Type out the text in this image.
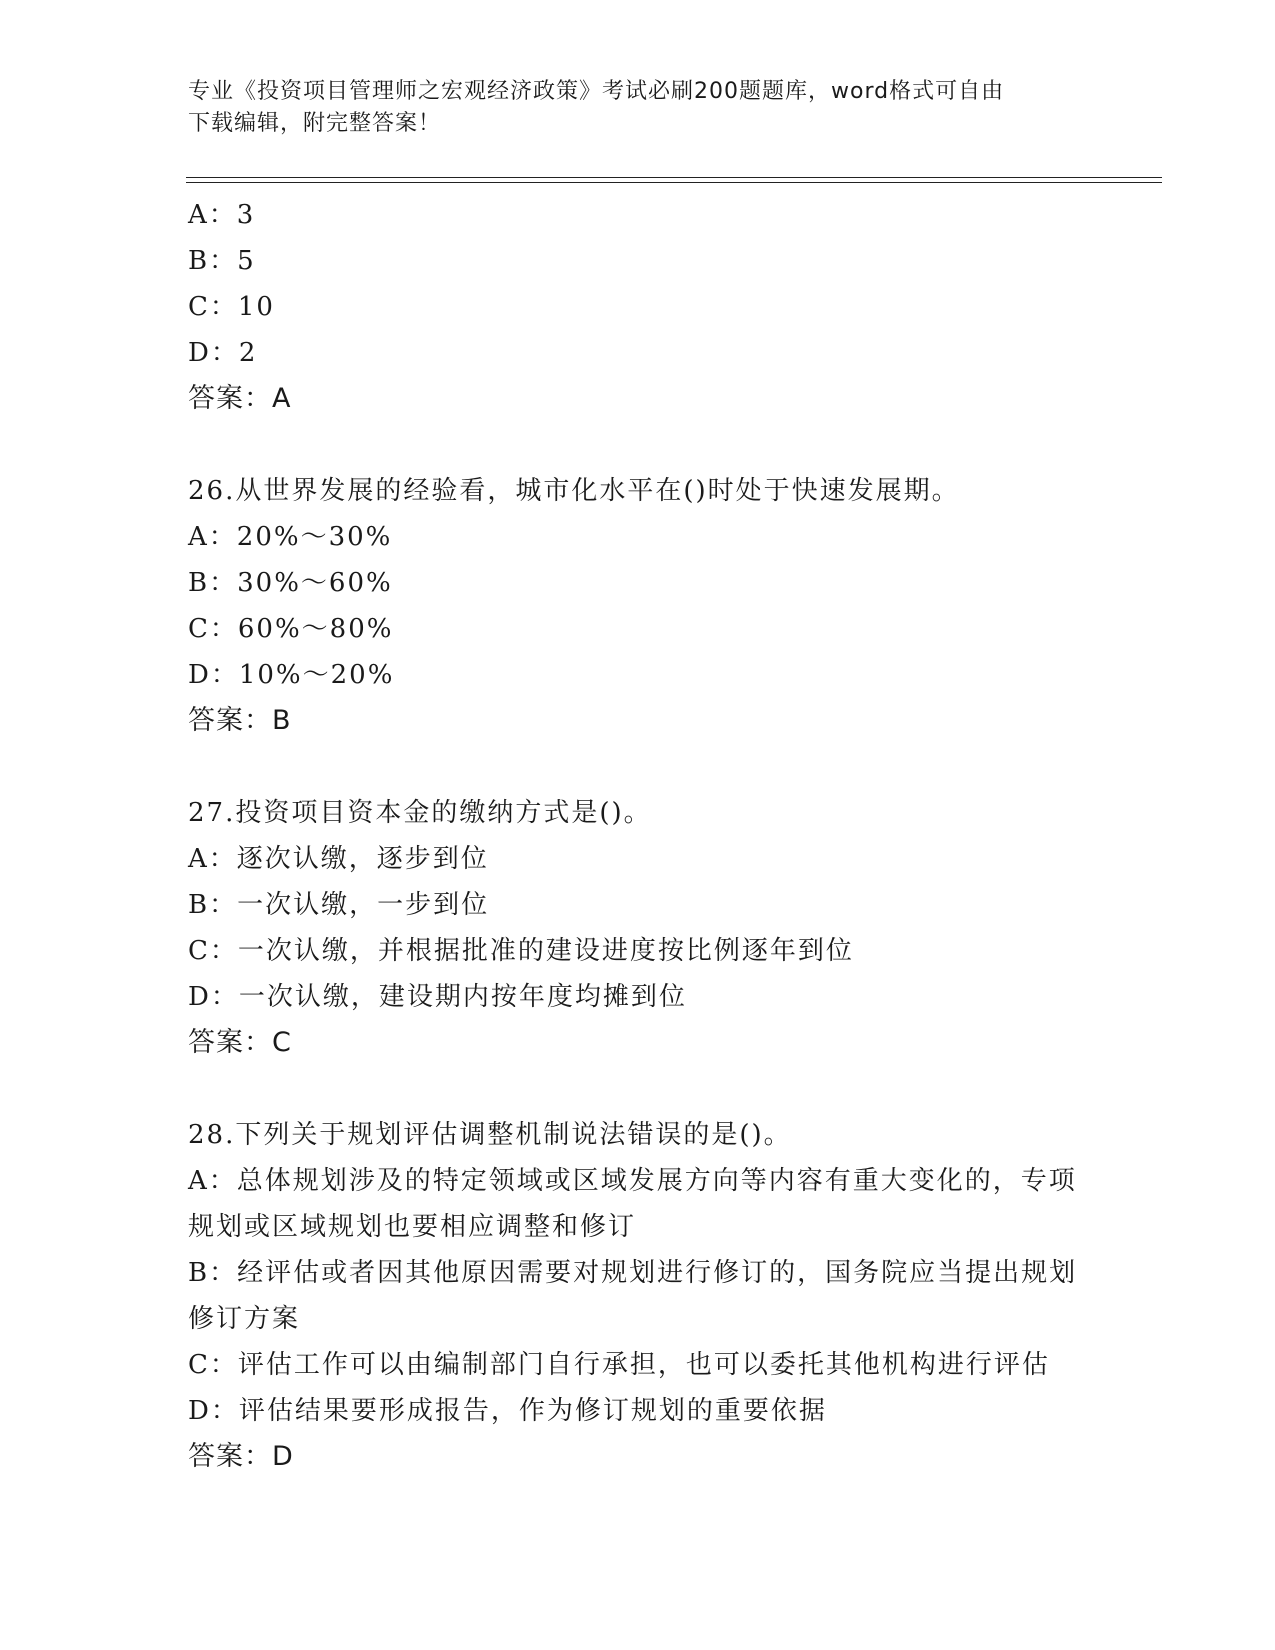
专业《投资项目管理师之宏观经济政策》考试必刷200题题库，word格式可自由
下载编辑，附完整答案！

A：3

B：5

C：10

D：2

答案：A

26.从世界发展的经验看，城市化水平在()时处于快速发展期。

A：20%～30%

B：30%～60%

C：60%～80%

D：10%～20%

答案：B

27.投资项目资本金的缴纳方式是()。

A：逐次认缴，逐步到位

B：一次认缴，一步到位

C：一次认缴，并根据批准的建设进度按比例逐年到位

D：一次认缴，建设期内按年度均摊到位

答案：C

28.下列关于规划评估调整机制说法错误的是()。

A：总体规划涉及的特定领域或区域发展方向等内容有重大变化的，专项规划或区域规划也要相应调整和修订

B：经评估或者因其他原因需要对规划进行修订的，国务院应当提出规划修订方案

C：评估工作可以由编制部门自行承担，也可以委托其他机构进行评估

D：评估结果要形成报告，作为修订规划的重要依据

答案：D
